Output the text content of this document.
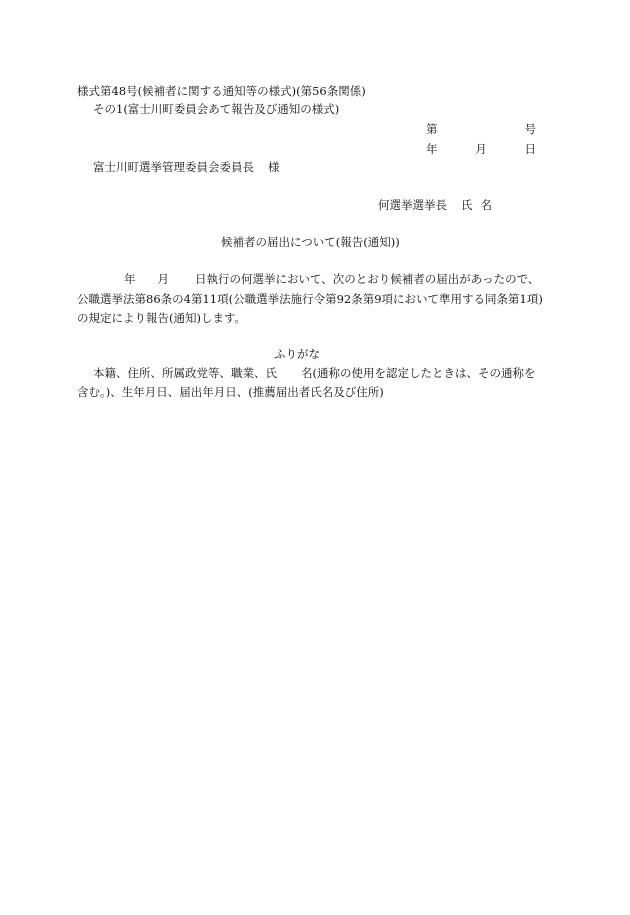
様式第48号(候補者に関する通知等の様式)(第56条関係)
その1(富士川町委員会あて報告及び通知の様式)
第	号
年	月	日
富士川町選挙管理委員会委員長 様
何選挙選挙長 氏 名
候補者の届出について(報告(通知))
年 月 日執行の何選挙において、次のとおり候補者の届出があったので、
公職選挙法第86条の4第11項(公職選挙法施行令第92条第9項において準用する同条第1項)
の規定により報告(通知)します。
ふりがな
本籍、住所、所属政党等、職業、氏 名(通称の使用を認定したときは、その通称を
含む。)、生年月日、届出年月日、(推薦届出者氏名及び住所)
